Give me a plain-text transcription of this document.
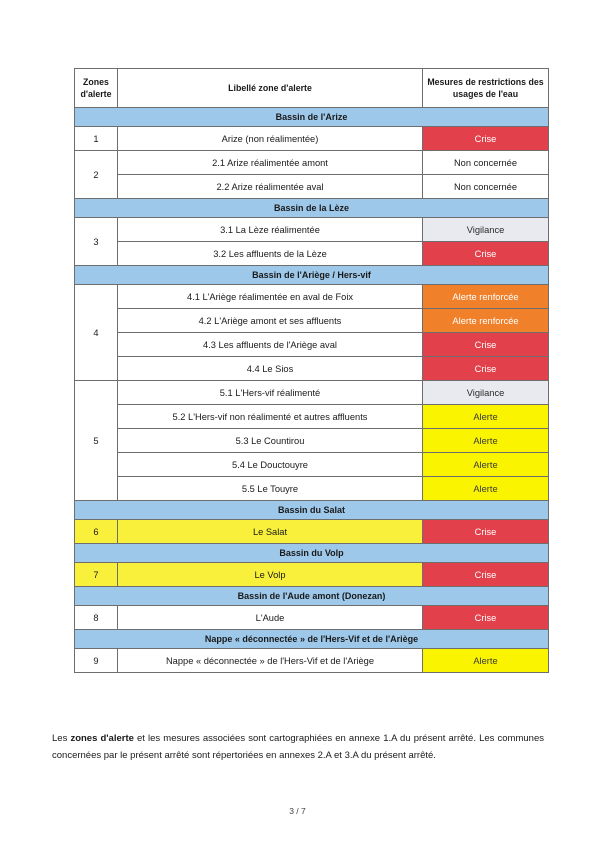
Zones d'alerte	Libellé zone d'alerte	Mesures de restrictions des usages de l'eau
Bassin de l'Arize		
1	Arize (non réalimentée)	Crise
2	2.1 Arize réalimentée amont	Non concernée
	2.2 Arize réalimentée aval	Non concernée
Bassin de la Lèze		
3	3.1 La Lèze réalimentée	Vigilance
	3.2 Les affluents de la Lèze	Crise
Bassin de l'Ariège / Hers-vif		
4	4.1 L'Ariège réalimentée en aval de Foix	Alerte renforcée
	4.2 L'Ariège amont et ses affluents	Alerte renforcée
	4.3 Les affluents de l'Ariège aval	Crise
	4.4 Le Sios	Crise
5	5.1 L'Hers-vif réalimenté	Vigilance
	5.2 L'Hers-vif non réalimenté et autres affluents	Alerte
	5.3 Le Countirou	Alerte
	5.4 Le Douctouyre	Alerte
	5.5 Le Touyre	Alerte
Bassin du Salat		
6	Le Salat	Crise
Bassin du Volp		
7	Le Volp	Crise
Bassin de l'Aude amont (Donezan)		
8	L'Aude	Crise
Nappe « déconnectée » de l'Hers-Vif et de l'Ariège		
9	Nappe « déconnectée » de l'Hers-Vif et de l'Ariège	Alerte

Les zones d'alerte et les mesures associées sont cartographiées en annexe 1.A du présent arrêté. Les communes concernées par le présent arrêté sont répertoriées en annexes 2.A et 3.A du présent arrêté.

3 / 7
